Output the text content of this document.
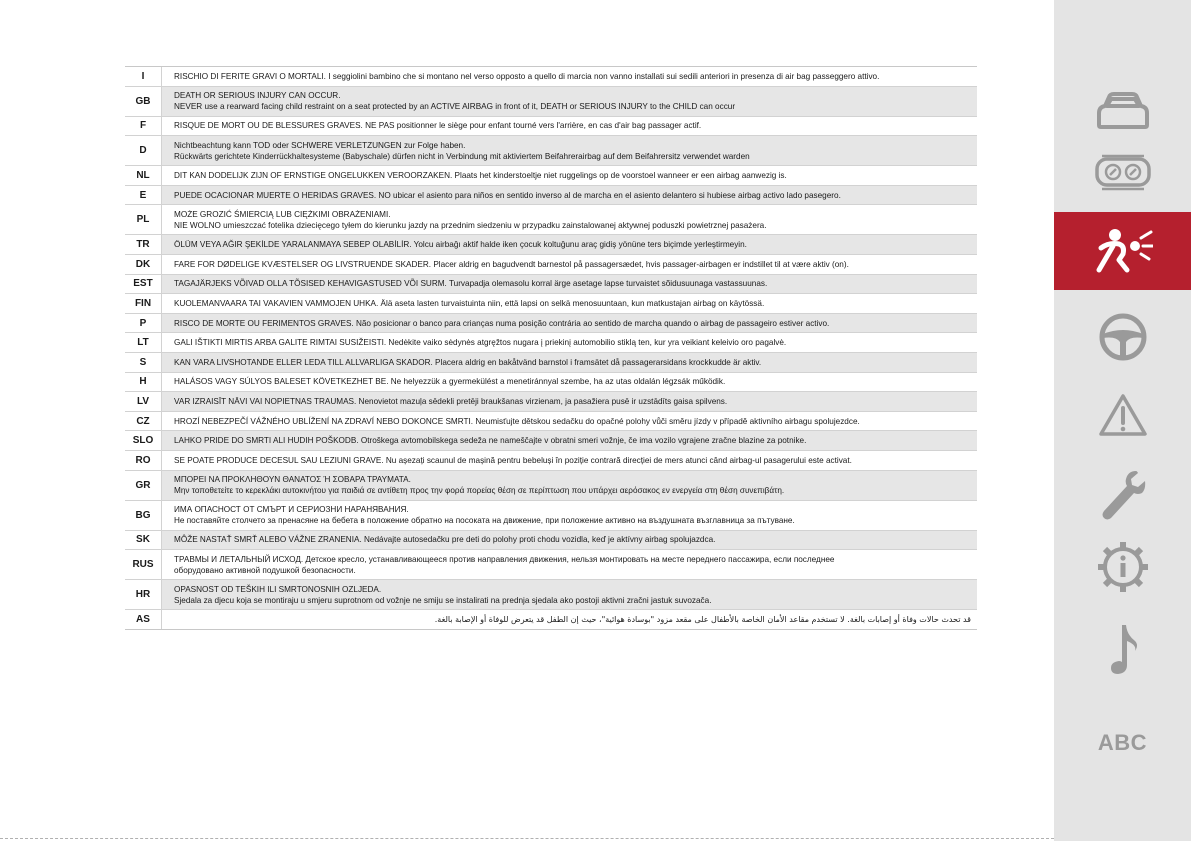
I	RISCHIO DI FERITE GRAVI O MORTALI. I seggiolini bambino che si montano nel verso opposto a quello di marcia non vanno installati sui sedili anteriori in presenza di air bag passeggero attivo.
GB	DEATH OR SERIOUS INJURY CAN OCCUR.
NEVER use a rearward facing child restraint on a seat protected by an ACTIVE AIRBAG in front of it, DEATH or SERIOUS INJURY to the CHILD can occur
F	RISQUE DE MORT OU DE BLESSURES GRAVES. NE PAS positionner le siège pour enfant tourné vers l'arrière, en cas d'air bag passager actif.
D	Nichtbeachtung kann TOD oder SCHWERE VERLETZUNGEN zur Folge haben.
Rückwärts gerichtete Kinderrückhaltesysteme (Babyschale) dürfen nicht in Verbindung mit aktiviertem Beifahrerairbag auf dem Beifahrersitz verwendet warden
NL	DIT KAN DODELIJK ZIJN OF ERNSTIGE ONGELUKKEN VEROORZAKEN. Plaats het kinderstoeltje niet ruggelings op de voorstoel wanneer er een airbag aanwezig is.
E	PUEDE OCACIONAR MUERTE O HERIDAS GRAVES. NO ubicar el asiento para niños en sentido inverso al de marcha en el asiento delantero si hubiese airbag activo lado pasegero.
PL	MOŻE GROZIĆ ŚMIERCIĄ LUB CIĘŻKIMI OBRAŻENIAMI.
NIE WOLNO umieszczać fotelika dziecięcego tyłem do kierunku jazdy na przednim siedzeniu w przypadku zainstalowanej aktywnej poduszki powietrznej pasażera.
TR	ÖLÜM VEYA AĞIR ŞEKİLDE YARALANMAYA SEBEP OLABİLİR. Yolcu airbağı aktif halde iken çocuk koltuğunu araç gidiş yönüne ters biçimde yerleştirmeyin.
DK	FARE FOR DØDELIGE KVÆSTELSER OG LIVSTRUENDE SKADER. Placer aldrig en bagudvendt barnestol på passagersædet, hvis passager-airbagen er indstillet til at være aktiv (on).
EST	TAGAJÄRJEKS VÕIVAD OLLA TÕSISED KEHAVIGASTUSED VÕI SURM. Turvapadja olemasolu korral ärge asetage lapse turvaistet sõidusuunaga vastassuunas.
FIN	KUOLEMANVAARA TAI VAKAVIEN VAMMOJEN UHKA. Älä aseta lasten turvaistuinta niin, että lapsi on selkä menosuuntaan, kun matkustajan airbag on käytössä.
P	RISCO DE MORTE OU FERIMENTOS GRAVES. Não posicionar o banco para crianças numa posição contrária ao sentido de marcha quando o airbag de passageiro estiver activo.
LT	GALI IŠTIKTI MIRTIS ARBA GALITE RIMTAI SUSIŽEISTI. Nedėkite vaiko sėdynės atgręžtos nugara į priekinį automobilio stiklą ten, kur yra veikiant keleivio oro pagalvė.
S	KAN VARA LIVSHOTANDE ELLER LEDA TILL ALLVARLIGA SKADOR. Placera aldrig en bakåtvänd barnstol i framsätet då passagerarsidans krockkudde är aktiv.
H	HALÁSOS VAGY SÚLYOS BALESET KÖVETKEZHET BE. Ne helyezzük a gyermekülést a menetiránnyal szembe, ha az utas oldalán légzsák működik.
LV	VAR IZRAISĪT NĀVI VAI NOPIETNAS TRAUMAS. Nenovietot mazuļa sēdekli pretēji braukšanas virzienam, ja pasažiera pusē ir uzstādīts gaisa spilvens.
CZ	HROZÍ NEBEZPEČÍ VÁŽNÉHO UBLÍŽENÍ NA ZDRAVÍ NEBO DOKONCE SMRTI. Neumisťujte dětskou sedačku do opačné polohy vůči směru jízdy v případě aktivního airbagu spolujezdce.
SLO	LAHKO PRIDE DO SMRTI ALI HUDIH POŠKODB. Otroškega avtomobilskega sedeža ne nameščajte v obratni smeri vožnje, če ima vozilo vgrajene zračne blazine za potnike.
RO	SE POATE PRODUCE DECESUL SAU LEZIUNI GRAVE. Nu așezați scaunul de mașină pentru bebeluși în poziție contrară direcției de mers atunci când airbag-ul pasagerului este activat.
GR	ΜΠΟΡΕΙ ΝΑ ΠΡΟΚΛΗΘΟΥΝ ΘΑΝΑΤΟΣ Ή ΣΟΒΑΡΑ ΤΡΑΥΜΑΤΑ.
Μην τοποθετείτε το κερεκλάκι αυτοκινήτου για παιδιά σε αντίθετη προς την φορά πορείας θέση σε περίπτωση που υπάρχει αερόσακος εν ενεργεία στη θέση συνεπιβάτη.
BG	ИМА ОПАСНОСТ ОТ СМЪРТ И СЕРИОЗНИ НАРАНЯВАНИЯ.
Не поставяйте столчето за пренасяне на бебета в положение обратно на посоката на движение, при положение активно на въздушната възглавница за пътуване.
SK	MÔŽE NASTAŤ SMRŤ ALEBO VÁŽNE ZRANENIA. Nedávajte autosedačku pre deti do polohy proti chodu vozidla, keď je aktívny airbag spolujazdca.
RUS	ТРАВМЫ И ЛЕТАЛЬНЫЙ ИСХОД. Детское кресло, устанавливающееся против направления движения, нельзя монтировать на месте переднего пассажира, если последнее
оборудовано активной подушкой безопасности.
HR	OPASNOST OD TEŠKIH ILI SMRTONOSNIH OZLJEDA.
Sjedala za djecu koja se montiraju u smjeru suprotnom od vožnje ne smiju se instalirati na prednja sjedala ako postoji aktivni zračni jastuk suvozača.
AS	قد تحدث حالات وفاة أو إصابات بالغة. لا تستخدم مقاعد الأمان الخاصة بالأطفال على مقعد مزود "بوسادة هوائية"، حيث إن الطفل قد يتعرض للوفاة أو الإصابة بالغة.
ABC
